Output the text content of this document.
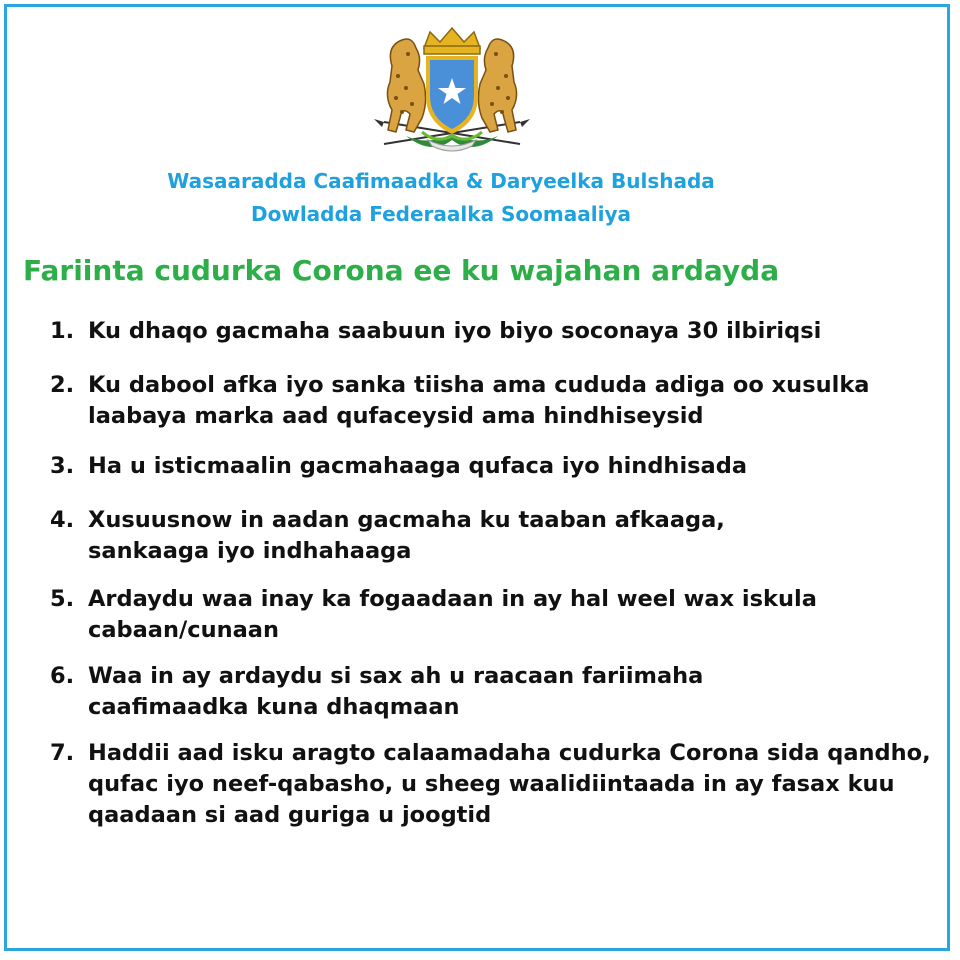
Wasaaradda Caafimaadka & Daryeelka Bulshada
Dowladda Federaalka Soomaaliya
Fariinta cudurka Corona ee ku wajahan ardayda
1. Ku dhaqo gacmaha saabuun iyo biyo soconaya 30 ilbiriqsi
2. Ku dabool afka iyo sanka tiisha ama cududa adiga oo xusulka laabaya marka aad qufaceysid ama hindhiseysid
3. Ha u isticmaalin gacmahaaga qufaca iyo hindhisada
4. Xusuusnow in aadan gacmaha ku taaban afkaaga, sankaaga iyo indhahaaga
5. Ardaydu waa inay ka fogaadaan in ay hal weel wax iskula cabaan/cunaan
6. Waa in ay ardaydu si sax ah u raacaan fariimaha caafimaadka kuna dhaqmaan
7. Haddii aad isku aragto calaamadaha cudurka Corona sida qandho, qufac iyo neef-qabasho, u sheeg waalidiintaada in ay fasax kuu qaadaan si aad guriga u joogtid
